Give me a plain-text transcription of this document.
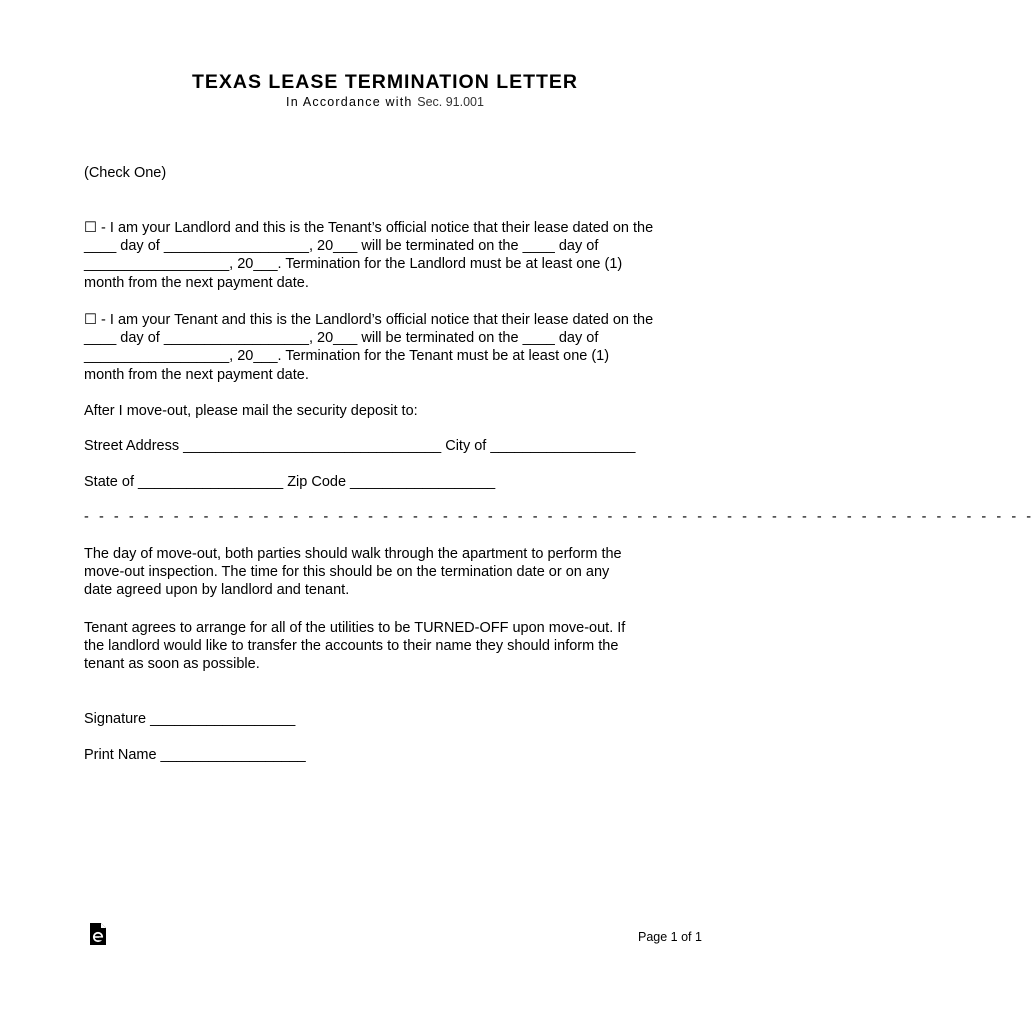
TEXAS LEASE TERMINATION LETTER
In Accordance with Sec. 91.001
(Check One)
☐ - I am your Landlord and this is the Tenant’s official notice that their lease dated on the
____ day of __________________, 20___ will be terminated on the ____ day of
__________________, 20___. Termination for the Landlord must be at least one (1)
month from the next payment date.
☐ - I am your Tenant and this is the Landlord’s official notice that their lease dated on the
____ day of __________________, 20___ will be terminated on the ____ day of
__________________, 20___. Termination for the Tenant must be at least one (1)
month from the next payment date.
After I move-out, please mail the security deposit to:
Street Address ________________________________ City of __________________
State of __________________ Zip Code __________________
- - - - - - - - - - - - - - - - - - - - - - - - - - - - - - - - - - - - - - - - - - - - - - - - - - - - - - - - - - - - - - - -
The day of move-out, both parties should walk through the apartment to perform the
move-out inspection. The time for this should be on the termination date or on any
date agreed upon by landlord and tenant.
Tenant agrees to arrange for all of the utilities to be TURNED-OFF upon move-out. If
the landlord would like to transfer the accounts to their name they should inform the
tenant as soon as possible.
Signature __________________
Print Name __________________
Page 1 of 1
